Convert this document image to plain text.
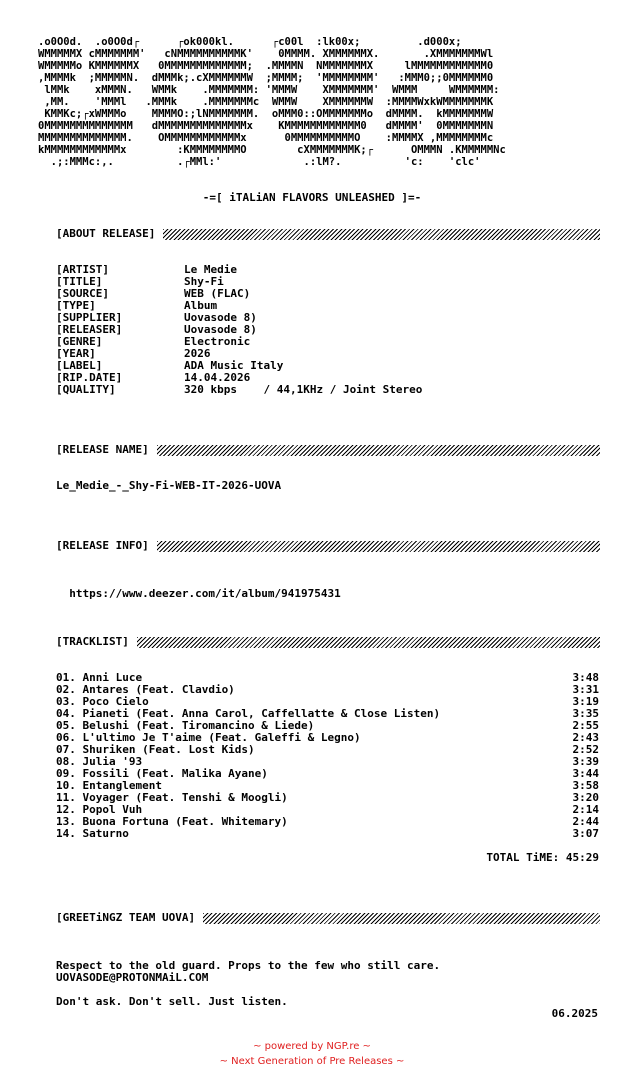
.o0O0d.  .o0O0d┌      ┌ok000kl.      ┌c00l  :lk00x;         .d000x;
WMMMMMX cMMMMMMM'   cNMMMMMMMMMMK'    0MMMM. XMMMMMMX.       .XMMMMMMMWl
WMMMMMo KMMMMMMX   0MMMMMMMMMMMMM;  .MMMMN  NMMMMMMMX     lMMMMMMMMMMMM0
,MMMMk  ;MMMMMN.  dMMMk;.cXMMMMMMW  ;MMMM;  'MMMMMMMM'   :MMM0;;0MMMMMM0
lMMk    xMMMN.   WMMk    .MMMMMMM: 'MMMW    XMMMMMMM'  WMMM     WMMMMMM:
,MM.    'MMMl   .MMMk    .MMMMMMMc  WMMW    XMMMMMMW  :MMMMWxkWMMMMMMMK
KMMKc;┌xWMMMo    MMMMO:;lNMMMMMMM.  oMMM0::OMMMMMMMo  dMMMM.  kMMMMMMMW
0MMMMMMMMMMMMMM   dMMMMMMMMMMMMMMx    KMMMMMMMMMMMM0   dMMMM'  0MMMMMMMN
MMMMMMMMMMMMMM.    OMMMMMMMMMMMMx      0MMMMMMMMMMO    :MMMMX ,MMMMMMMMc
kMMMMMMMMMMMMx        :KMMMMMMMMO        cXMMMMMMMK;┌      OMMMN .KMMMMMNc
.;:MMMc:,.          .┌MMl:'             .:lM?.          'c:    'clc'
-=[ iTALiAN FLAVORS UNLEASHED ]=-
[ABOUT RELEASE]
[ARTIST]	Le Medie
[TITLE]	Shy-Fi
[SOURCE]	WEB (FLAC)
[TYPE]	Album
[SUPPLIER]	Uovasode 8)
[RELEASER]	Uovasode 8)
[GENRE]	Electronic
[YEAR]	2026
[LABEL]	ADA Music Italy
[RIP.DATE]	14.04.2026
[QUALITY]	320 kbps    / 44,1KHz / Joint Stereo
[RELEASE NAME]
Le_Medie_-_Shy-Fi-WEB-IT-2026-UOVA
[RELEASE INFO]

https://www.deezer.com/it/album/941975431

[TRACKLIST]
01. Anni Luce	3:48
02. Antares (Feat. Clavdio)	3:31
03. Poco Cielo	3:19
04. Pianeti (Feat. Anna Carol, Caffellatte & Close Listen)	3:35
05. Belushi (Feat. Tiromancino & Liede)	2:55
06. L'ultimo Je T'aime (Feat. Galeffi & Legno)	2:43
07. Shuriken (Feat. Lost Kids)	2:52
08. Julia '93	3:39
09. Fossili (Feat. Malika Ayane)	3:44
10. Entanglement	3:58
11. Voyager (Feat. Tenshi & Moogli)	3:20
12. Popol Vuh	2:14
13. Buona Fortuna (Feat. Whitemary)	2:44
14. Saturno	3:07
TOTAL TiME: 45:29
[GREETiNGZ TEAM UOVA]

Respect to the old guard. Props to the few who still care.

Don't ask. Don't sell. Just listen.

UOVASODE@PROTONMAiL.COM
06.2025
~ powered by NGP.re ~
~ Next Generation of Pre Releases ~
